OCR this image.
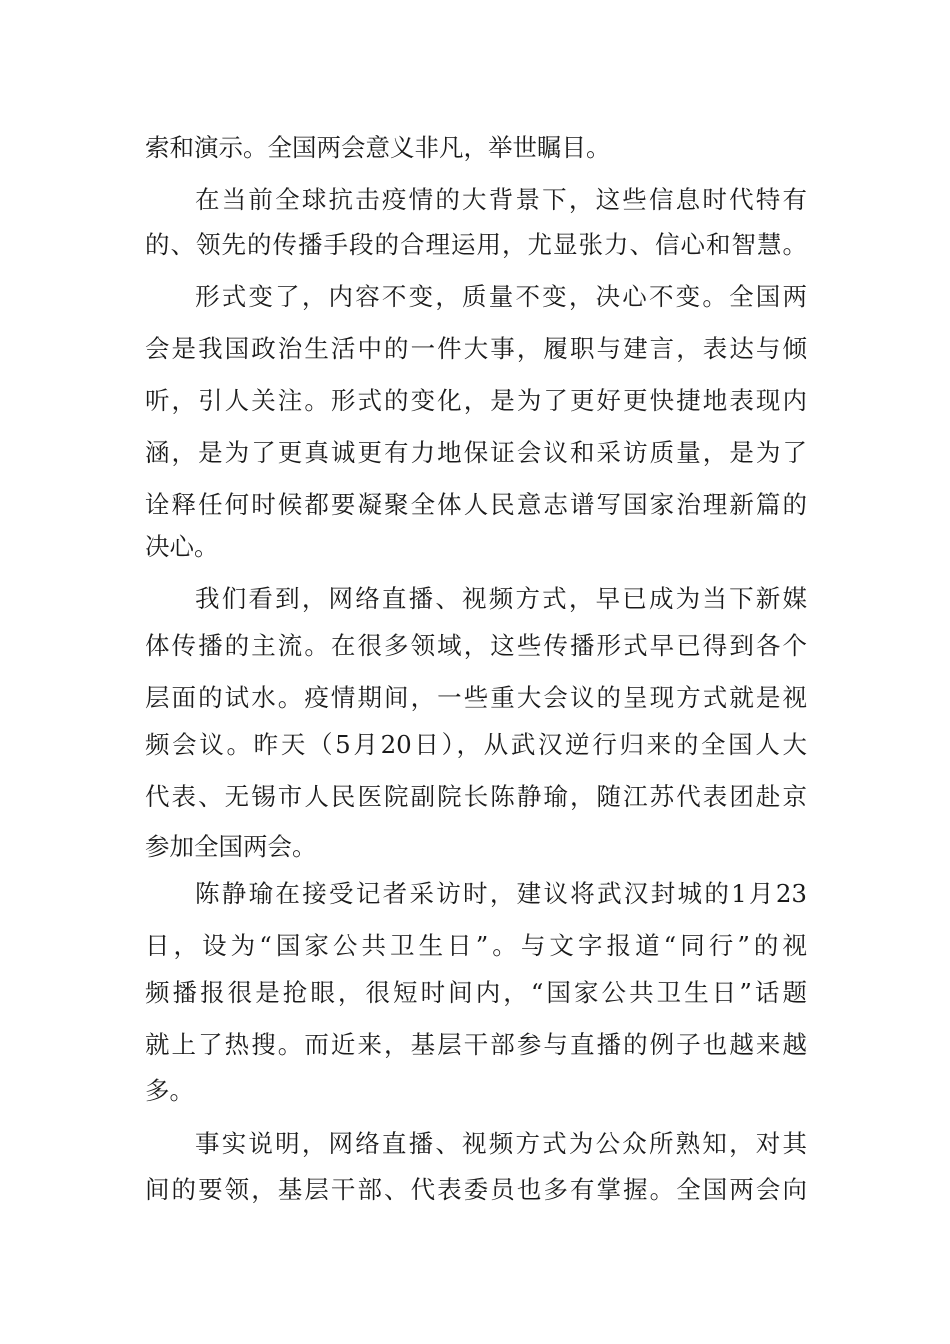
索和演示。全国两会意义非凡，举世瞩目。
在当前全球抗击疫情的大背景下，这些信息时代特有
的、领先的传播手段的合理运用，尤显张力、信心和智慧。
形式变了，内容不变，质量不变，决心不变。全国两
会是我国政治生活中的一件大事，履职与建言，表达与倾
听，引人关注。形式的变化，是为了更好更快捷地表现内
涵，是为了更真诚更有力地保证会议和采访质量，是为了
诠释任何时候都要凝聚全体人民意志谱写国家治理新篇的
决心。
我们看到，网络直播、视频方式，早已成为当下新媒
体传播的主流。在很多领域，这些传播形式早已得到各个
层面的试水。疫情期间，一些重大会议的呈现方式就是视
频会议。昨天（5月20日），从武汉逆行归来的全国人大
代表、无锡市人民医院副院长陈静瑜，随江苏代表团赴京
参加全国两会。
陈静瑜在接受记者采访时，建议将武汉封城的1月23
日，设为“国家公共卫生日”。与文字报道“同行”的视
频播报很是抢眼，很短时间内，“国家公共卫生日”话题
就上了热搜。而近来，基层干部参与直播的例子也越来越
多。
事实说明，网络直播、视频方式为公众所熟知，对其
间的要领，基层干部、代表委员也多有掌握。全国两会向
